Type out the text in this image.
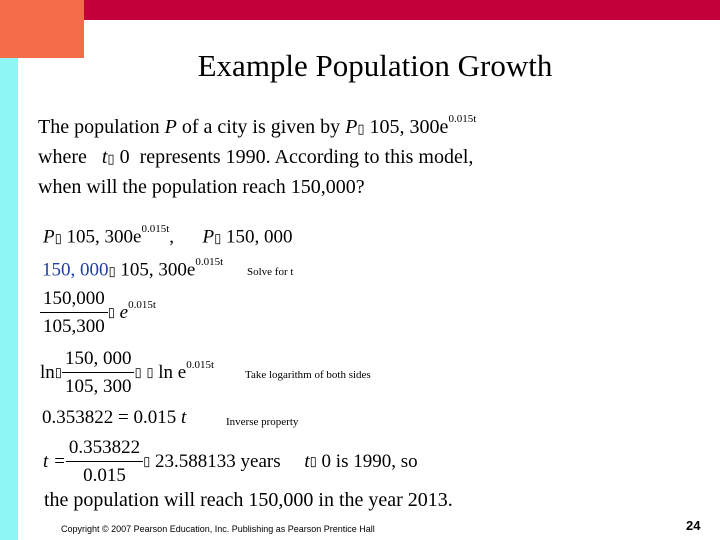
Example Population Growth
The population P of a city is given by P▯ 105, $300e^{0.015t}$
where t▯ 0 represents 1990. According to this model,
when will the population reach 150,000?
P▯ 105, $300e^{0.015t}$, P▯ 150, 000
150, 000▯ 105, $300e^{0.015t}$
Solve for t
$\frac{150,000}{105,300}$ ▯ $e^{0.015t}$
ln▯ $\frac{150, 000}{105, 300}$ ▯ ▯ $\ln e^{0.015t}$
Take logarithm of both sides
0.353822 = 0.015 t	Inverse property
$t = \frac{0.353822}{0.015}$ ▯ 23.588133 years t▯ 0 is 1990, so
the population will reach 150,000 in the year 2013.
Copyright © 2007 Pearson Education, Inc. Publishing as Pearson Prentice Hall	24
